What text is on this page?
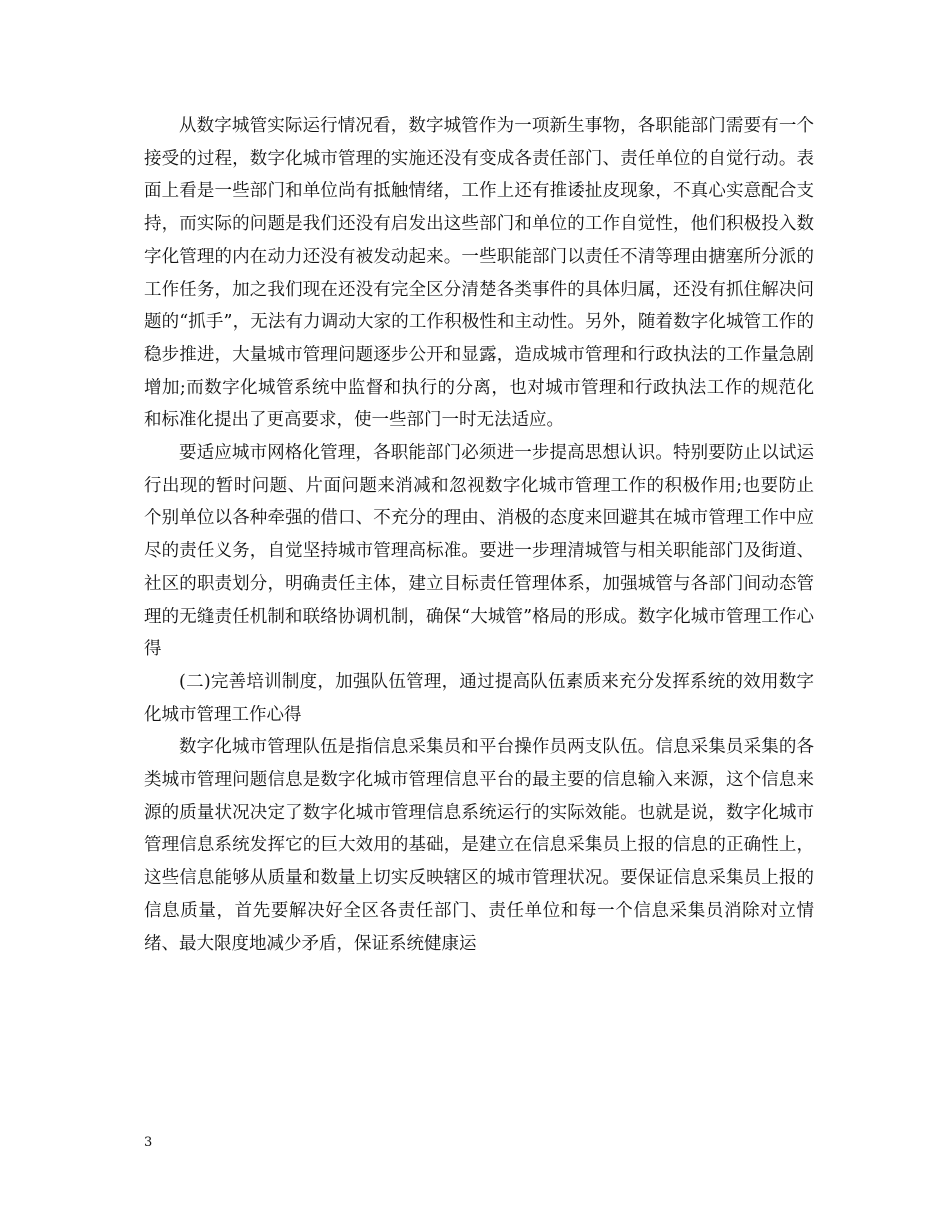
从数字城管实际运行情况看，数字城管作为一项新生事物，各职能部门需要有一个接受的过程，数字化城市管理的实施还没有变成各责任部门、责任单位的自觉行动。表面上看是一些部门和单位尚有抵触情绪，工作上还有推诿扯皮现象，不真心实意配合支持，而实际的问题是我们还没有启发出这些部门和单位的工作自觉性，他们积极投入数字化管理的内在动力还没有被发动起来。一些职能部门以责任不清等理由搪塞所分派的工作任务，加之我们现在还没有完全区分清楚各类事件的具体归属，还没有抓住解决问题的“抓手”，无法有力调动大家的工作积极性和主动性。另外，随着数字化城管工作的稳步推进，大量城市管理问题逐步公开和显露，造成城市管理和行政执法的工作量急剧增加;而数字化城管系统中监督和执行的分离，也对城市管理和行政执法工作的规范化和标准化提出了更高要求，使一些部门一时无法适应。

要适应城市网格化管理，各职能部门必须进一步提高思想认识。特别要防止以试运行出现的暂时问题、片面问题来消减和忽视数字化城市管理工作的积极作用;也要防止个别单位以各种牵强的借口、不充分的理由、消极的态度来回避其在城市管理工作中应尽的责任义务，自觉坚持城市管理高标准。要进一步理清城管与相关职能部门及街道、社区的职责划分，明确责任主体，建立目标责任管理体系，加强城管与各部门间动态管理的无缝责任机制和联络协调机制，确保“大城管”格局的形成。数字化城市管理工作心得

(二)完善培训制度，加强队伍管理，通过提高队伍素质来充分发挥系统的效用数字化城市管理工作心得

数字化城市管理队伍是指信息采集员和平台操作员两支队伍。信息采集员采集的各类城市管理问题信息是数字化城市管理信息平台的最主要的信息输入来源，这个信息来源的质量状况决定了数字化城市管理信息系统运行的实际效能。也就是说，数字化城市管理信息系统发挥它的巨大效用的基础，是建立在信息采集员上报的信息的正确性上，这些信息能够从质量和数量上切实反映辖区的城市管理状况。要保证信息采集员上报的信息质量，首先要解决好全区各责任部门、责任单位和每一个信息采集员消除对立情绪、最大限度地减少矛盾，保证系统健康运

3
